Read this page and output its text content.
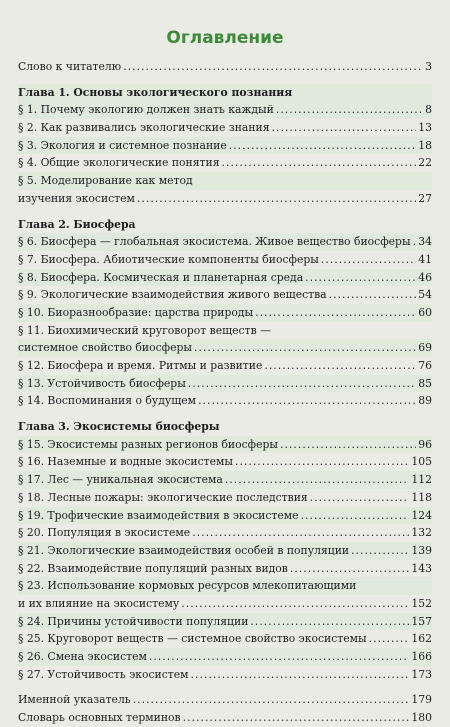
Оглавление
Слово к читателю . . .	3
Глава 1. Основы экологического познания
§ 1. Почему экологию должен знать каждый . . .	8
§ 2. Как развивались экологические знания . . .	13
§ 3. Экология и системное познание . . .	18
§ 4. Общие экологические понятия . . .	22
§ 5. Моделирование как метод
изучения экосистем . . .	27
Глава 2. Биосфера
§ 6. Биосфера — глобальная экосистема. Живое вещество биосферы . . . 34
§ 7. Биосфера. Абиотические компоненты биосферы . . .	41
§ 8. Биосфера. Космическая и планетарная среда . . .	46
§ 9. Экологические взаимодействия живого вещества . . .	54
§ 10. Биоразнообразие: царства природы . . .	60
§ 11. Биохимический круговорот веществ —
системное свойство биосферы . . .	69
§ 12. Биосфера и время. Ритмы и развитие . . .	76
§ 13. Устойчивость биосферы . . .	85
§ 14. Воспоминания о будущем . . .	89
Глава 3. Экосистемы биосферы
§ 15. Экосистемы разных регионов биосферы . . .	96
§ 16. Наземные и водные экосистемы . . .	105
§ 17. Лес — уникальная экосистема . . .	112
§ 18. Лесные пожары: экологические последствия . . .	118
§ 19. Трофические взаимодействия в экосистеме . . .	124
§ 20. Популяция в экосистеме . . .	132
§ 21. Экологические взаимодействия особей в популяции . . .	139
§ 22. Взаимодействие популяций разных видов . . .	143
§ 23. Использование кормовых ресурсов млекопитающими
и их влияние на экосистему . . .	152
§ 24. Причины устойчивости популяции . . .	157
§ 25. Круговорот веществ — системное свойство экосистемы . . .	162
§ 26. Смена экосистем . . .	166
§ 27. Устойчивость экосистем . . .	173
Именной указатель . . .	179
Словарь основных терминов . . .	180
